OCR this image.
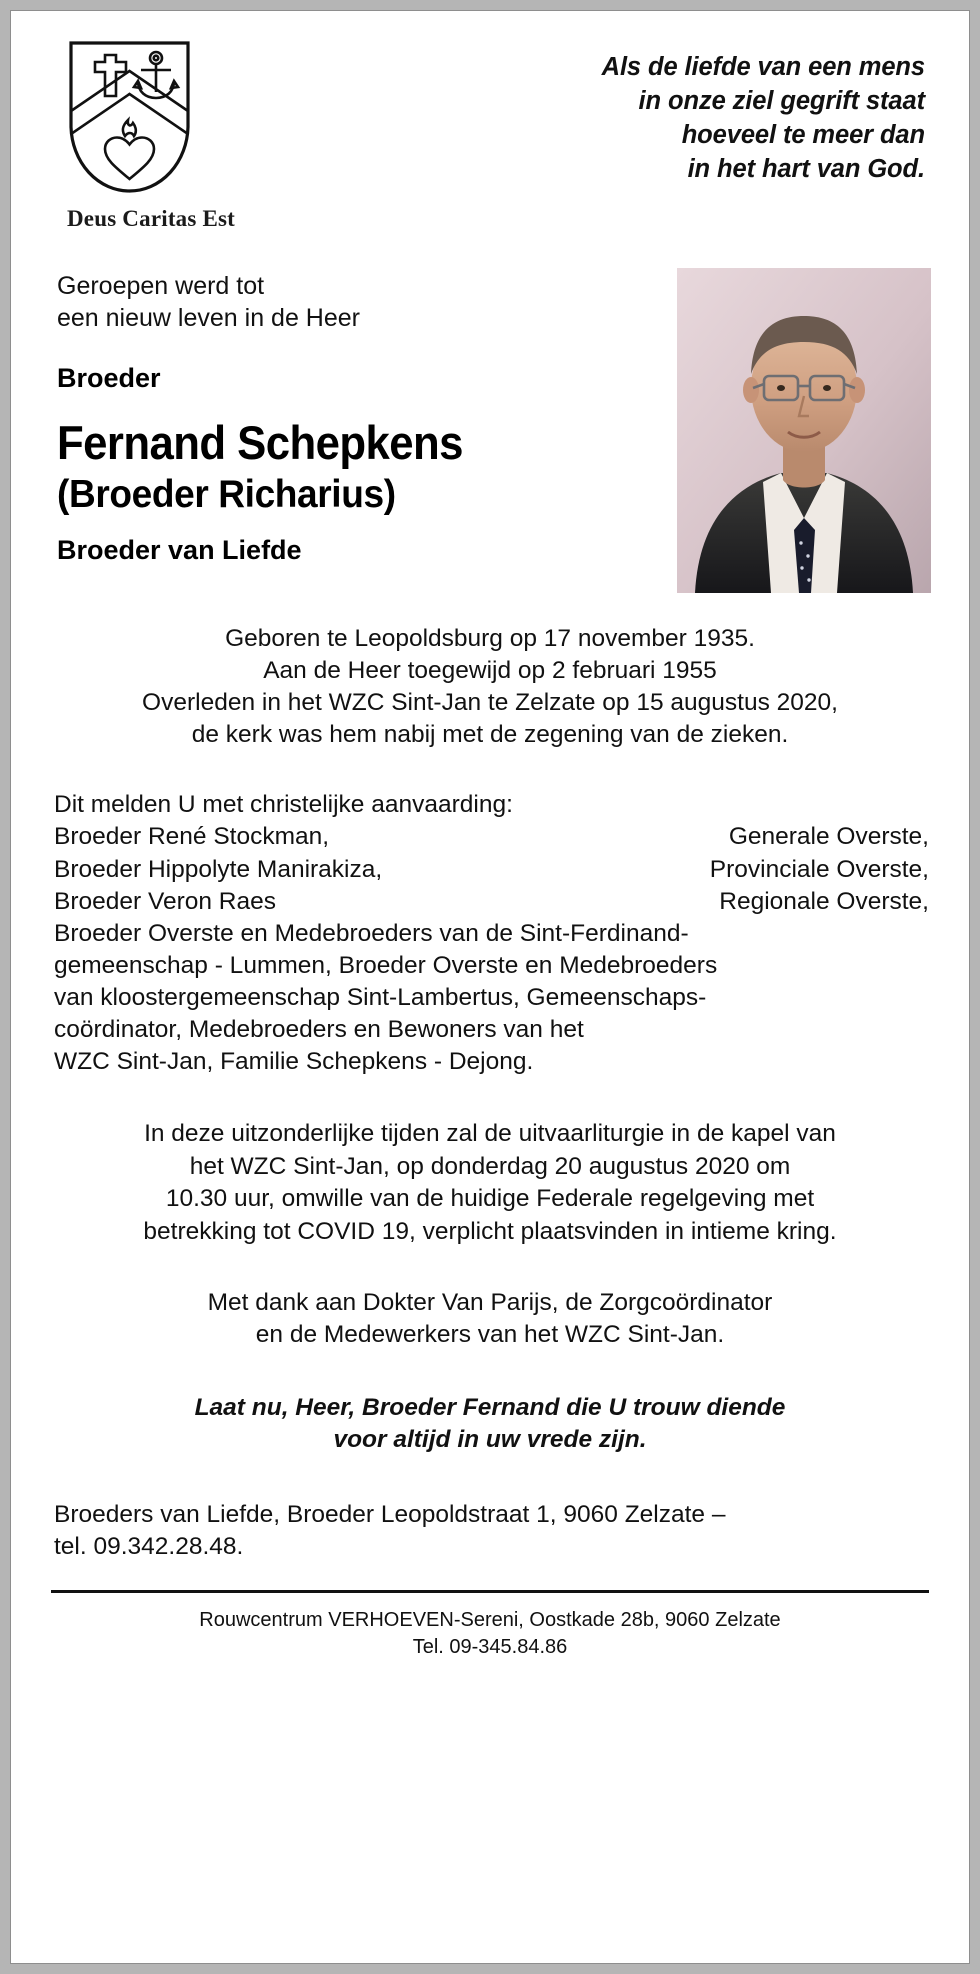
Deus Caritas Est
Als de liefde van een mens
in onze ziel gegrift staat
hoeveel te meer dan
in het hart van God.
Geroepen werd tot
een nieuw leven in de Heer
Broeder
Fernand Schepkens
(Broeder Richarius)
Broeder van Liefde
Geboren te Leopoldsburg op 17 november 1935.
Aan de Heer toegewijd op 2 februari 1955
Overleden in het WZC Sint-Jan te Zelzate op 15 augustus 2020,
de kerk was hem nabij met de zegening van de zieken.
Dit melden U met christelijke aanvaarding:
Broeder René Stockman,	Generale Overste,
Broeder Hippolyte Manirakiza,	Provinciale Overste,
Broeder Veron Raes	Regionale Overste,
Broeder Overste en Medebroeders van de Sint-Ferdinand-
gemeenschap - Lummen, Broeder Overste en Medebroeders
van kloostergemeenschap Sint-Lambertus, Gemeenschaps-
coördinator, Medebroeders en Bewoners van het
WZC Sint-Jan, Familie Schepkens - Dejong.
In deze uitzonderlijke tijden zal de uitvaarliturgie in de kapel van
het WZC Sint-Jan, op donderdag 20 augustus 2020 om
10.30 uur, omwille van de huidige Federale regelgeving met
betrekking tot COVID 19, verplicht plaatsvinden in intieme kring.
Met dank aan Dokter Van Parijs, de Zorgcoördinator
en de Medewerkers van het WZC Sint-Jan.
Laat nu, Heer, Broeder Fernand die U trouw diende
voor altijd in uw vrede zijn.
Broeders van Liefde, Broeder Leopoldstraat 1, 9060 Zelzate –
tel. 09.342.28.48.
Rouwcentrum VERHOEVEN-Sereni, Oostkade 28b, 9060 Zelzate
Tel. 09-345.84.86
